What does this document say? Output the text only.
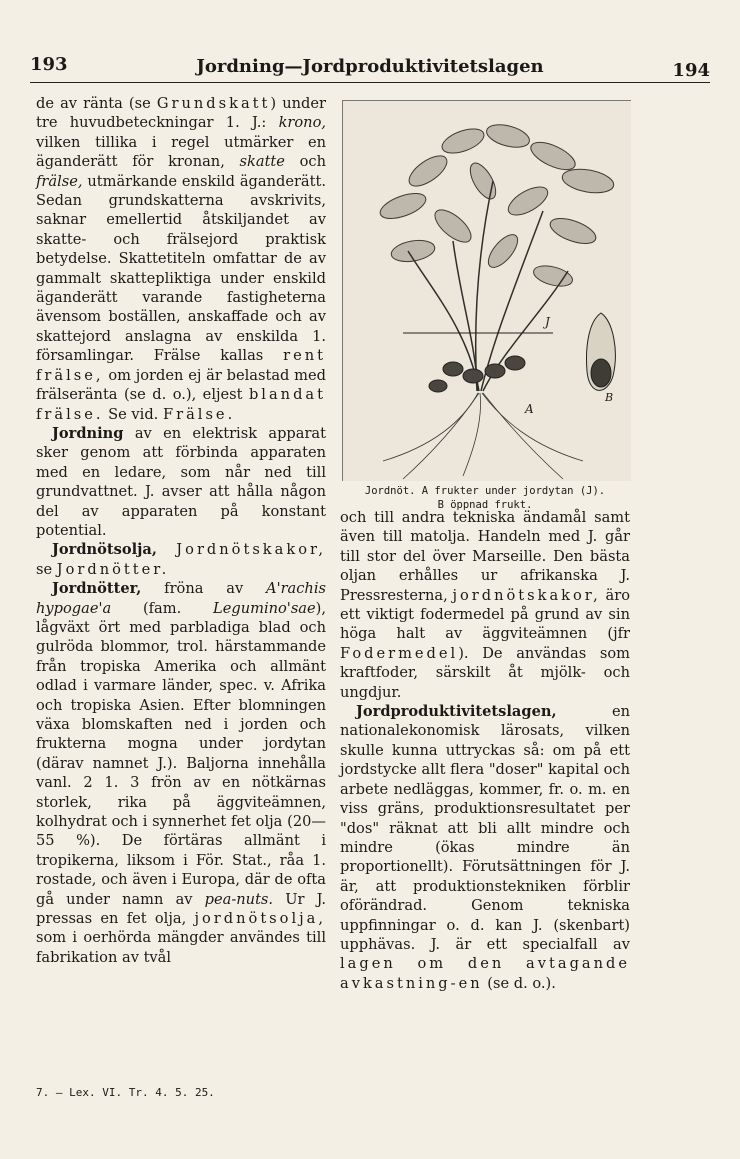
193	Jordning—Jordproduktivitetslagen	194

de av ränta (se Grundskatt) under tre huvudbeteckningar 1. J.: krono, vilken tillika i regel utmärker en äganderätt för kronan, skatte och frälse, utmärkande enskild äganderätt. Sedan grundskatterna avskrivits, saknar emellertid åtskiljandet av skatte- och frälsejord praktisk betydelse. Skattetiteln omfattar de av gammalt skattepliktiga under enskild äganderätt varande fastigheterna ävensom boställen, anskaffade och av skattejord anslagna av enskilda 1. församlingar. Frälse kallas rent frälse, om jorden ej är belastad med frälseränta (se d. o.), eljest blandat frälse. Se vid. Frälse.

Jordning av en elektrisk apparat sker genom att förbinda apparaten med en ledare, som når ned till grundvattnet. J. avser att hålla någon del av apparaten på konstant potential.

Jordnötsolja, Jordnötskakor, se Jordnötter.

Jordnötter, fröna av A'rachis hypogae'a (fam. Legumino'sae), lågväxt ört med parbladiga blad och gulröda blommor, trol. härstammande från tropiska Amerika och allmänt odlad i varmare länder, spec. v. Afrika och tropiska Asien. Efter blomningen växa blomskaften ned i jorden och frukterna mogna under jordytan (därav namnet J.). Baljorna innehålla vanl. 2 1. 3 frön av en nötkärnas storlek, rika på äggviteämnen, kolhydrat och i synnerhet fet olja (20—55 %). De förtäras allmänt i tropikerna, liksom i För. Stat., råa 1. rostade, och även i Europa, där de ofta gå under namn av pea-nuts. Ur J. pressas en fet olja, jordnötsolja, som i oerhörda mängder användes till fabrikation av tvål

J
A
B
Jordnöt. A frukter under jordytan (J).
B öppnad frukt.

och till andra tekniska ändamål samt även till matolja. Handeln med J. går till stor del över Marseille. Den bästa oljan erhålles ur afrikanska J. Pressresterna, jordnötskakor, äro ett viktigt fodermedel på grund av sin höga halt av äggviteämnen (jfr Fodermedel). De användas som kraftfoder, särskilt åt mjölk- och ungdjur.

Jordproduktivitetslagen, en nationalekonomisk lärosats, vilken skulle kunna uttryckas så: om på ett jordstycke allt flera "doser" kapital och arbete nedläggas, kommer, fr. o. m. en viss gräns, produktionsresultatet per "dos" räknat att bli allt mindre och mindre (ökas mindre än proportionellt). Förutsättningen för J. är, att produktionstekniken förblir oförändrad. Genom tekniska uppfinningar o. d. kan J. (skenbart) upphävas. J. är ett specialfall av lagen om den avtagande avkastning-en (se d. o.).

7. — Lex. VI. Tr. 4. 5. 25.
